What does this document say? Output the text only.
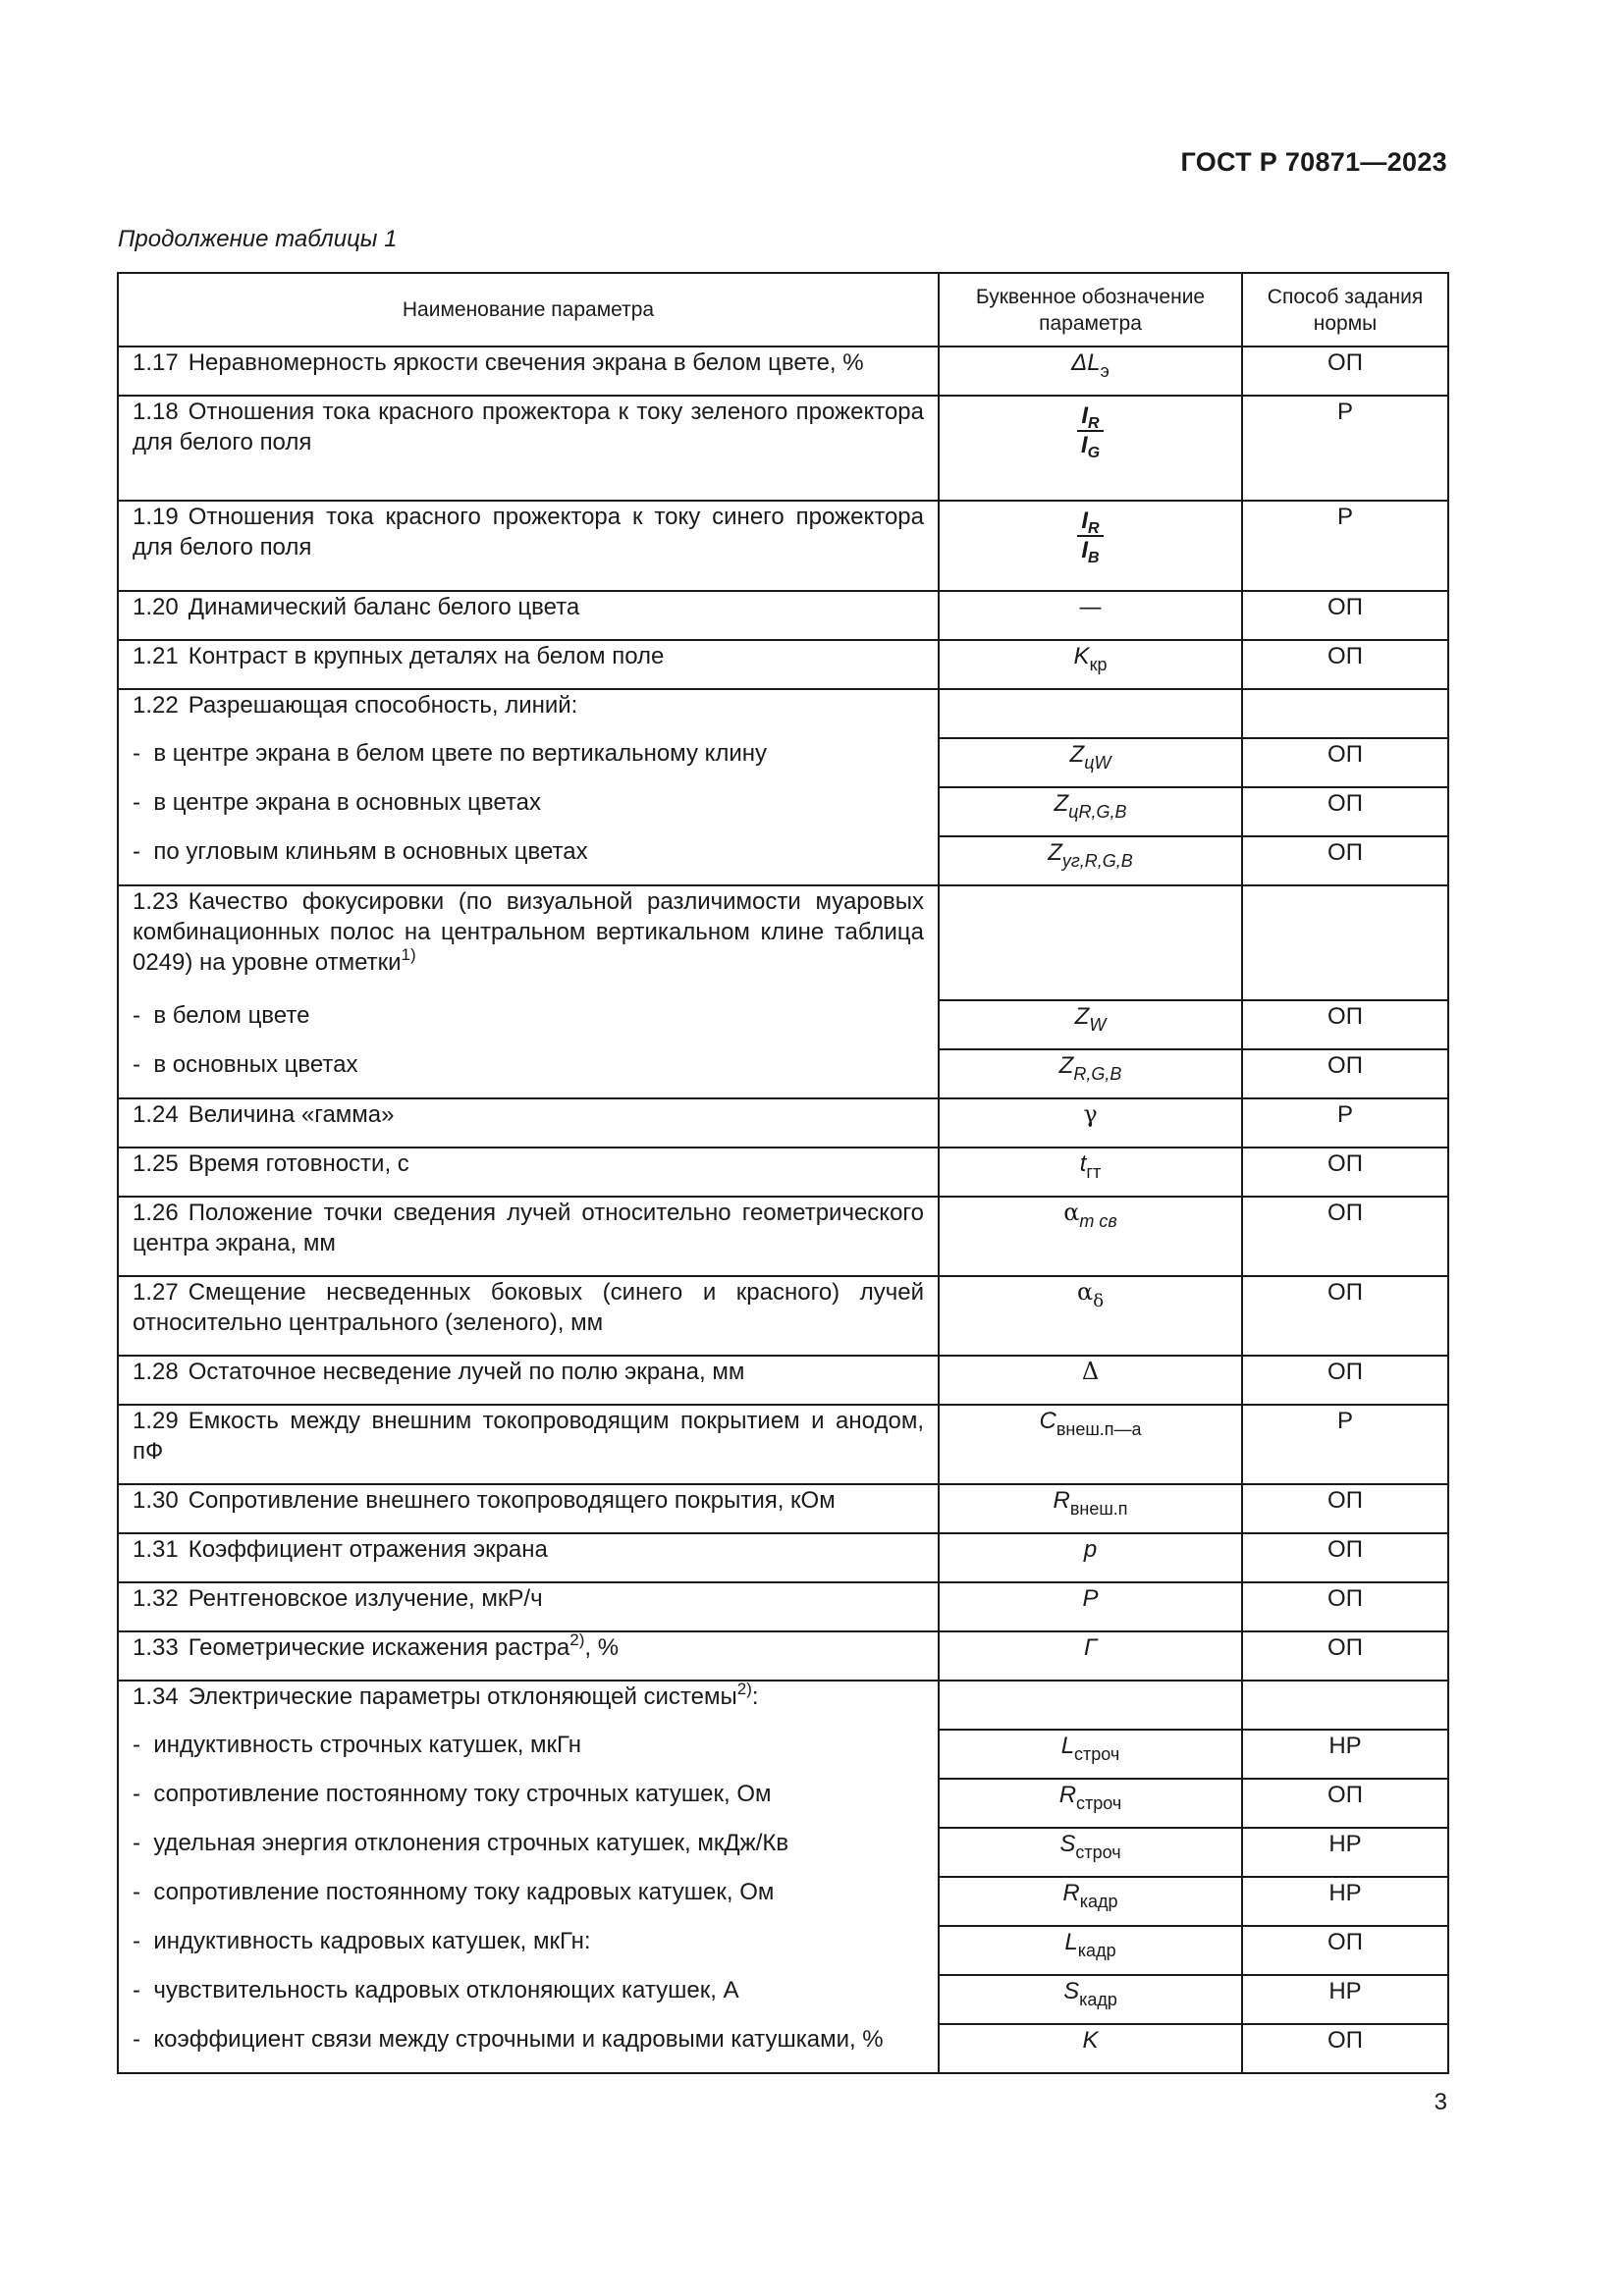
ГОСТ Р 70871—2023
Продолжение таблицы 1
Наименование параметра	Буквенное обозначение параметра	Способ задания нормы

1.17 Неравномерность яркости свечения экрана в белом цвете, %	$\Delta L_э$	ОП

1.18 Отношения тока красного прожектора к току зеленого прожектора для белого поля	$\frac{I_R}{I_G}$	Р

1.19 Отношения тока красного прожектора к току синего прожектора для белого поля	$\frac{I_R}{I_B}$	Р

1.20 Динамический баланс белого цвета	—	ОП

1.21 Контраст в крупных деталях на белом поле	$K_{кр}$	ОП

1.22 Разрешающая способность, линий:		

- в центре экрана в белом цвете по вертикальному клину	$Z_{цW}$	ОП
- в центре экрана в основных цветах	$Z_{цR,G,B}$	ОП
- по угловым клиньям в основных цветах	$Z_{уг,R,G,B}$	ОП

1.23 Качество фокусировки (по визуальной различимости муаровых комбинационных полос на центральном вертикальном клине таблица 0249) на уровне отметки$^{1)}$

- в белом цвете	$Z_W$	ОП
- в основных цветах	$Z_{R,G,B}$	ОП

1.24 Величина «гамма»	γ	Р

1.25 Время готовности, с	$t_{гт}$	ОП

1.26 Положение точки сведения лучей относительно геометрического центра экрана, мм	$\alpha_{m св}$	ОП

1.27 Смещение несведенных боковых (синего и красного) лучей относительно центрального (зеленого), мм	$\alpha_\delta$	ОП

1.28 Остаточное несведение лучей по полю экрана, мм	Δ	ОП

1.29 Емкость между внешним токопроводящим покрытием и анодом, пФ	$C_{внеш.п—а}$	Р

1.30 Сопротивление внешнего токопроводящего покрытия, кОм	$R_{внеш.п}$	ОП

1.31 Коэффициент отражения экрана	p	ОП

1.32 Рентгеновское излучение, мкР/ч	Р	ОП

1.33 Геометрические искажения растра$^{2)}$, %	Г	ОП

1.34 Электрические параметры отклоняющей системы$^{2)}$:		

- индуктивность строчных катушек, мкГн	$L_{строч}$	НР
- сопротивление постоянному току строчных катушек, Ом	$R_{строч}$	ОП
- удельная энергия отклонения строчных катушек, мкДж/Кв	$S_{строч}$	НР
- сопротивление постоянному току кадровых катушек, Ом	$R_{кадр}$	НР
- индуктивность кадровых катушек, мкГн:	$L_{кадр}$	ОП
- чувствительность кадровых отклоняющих катушек, А	$S_{кадр}$	НР
- коэффициент связи между строчными и кадровыми катушками, %	K	ОП
3
